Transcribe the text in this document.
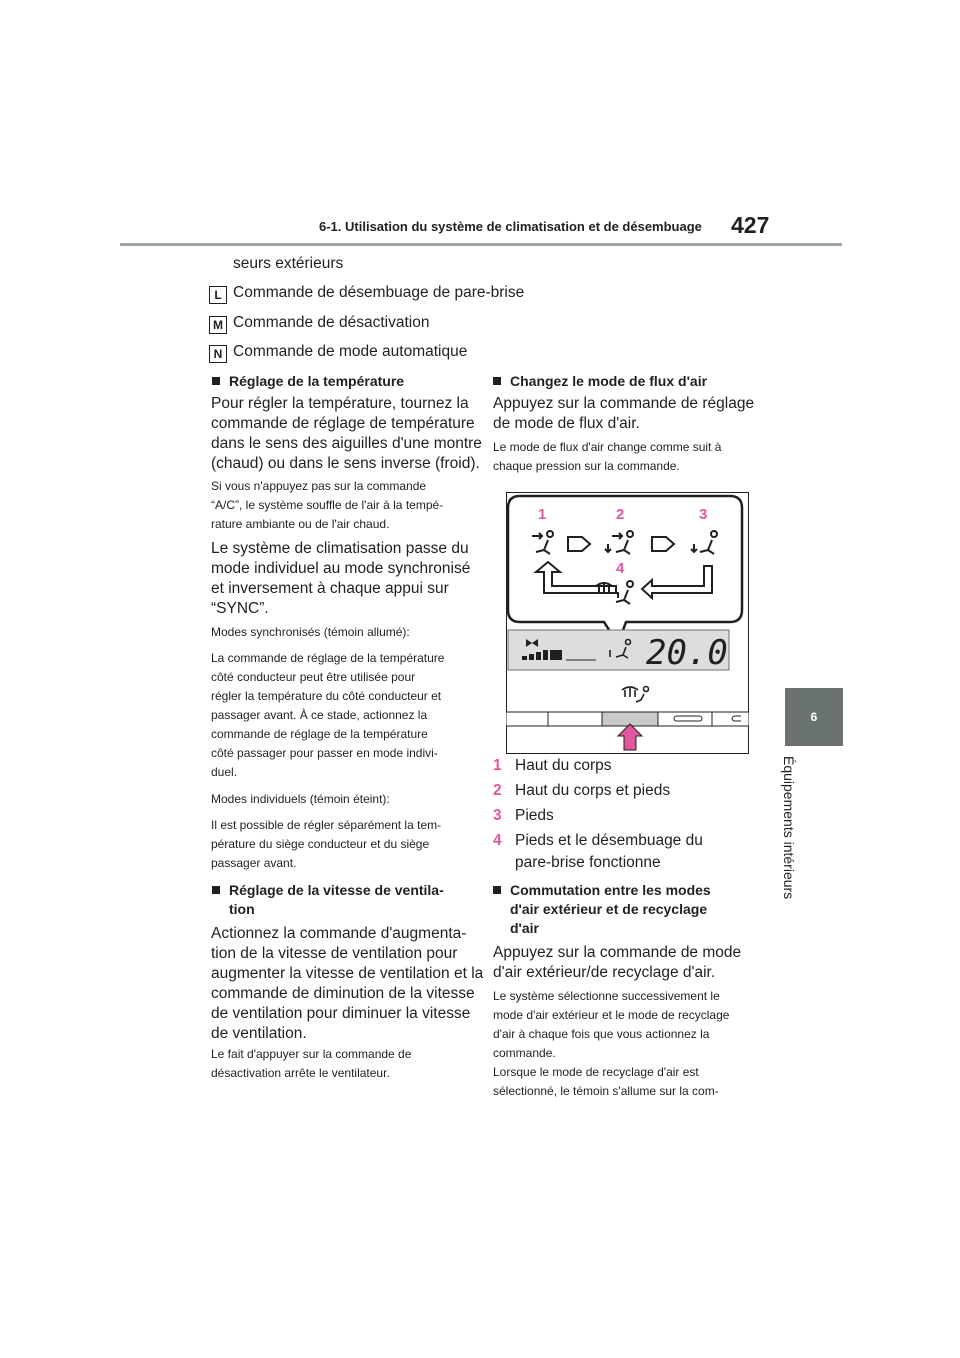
6-1. Utilisation du système de climatisation et de désembuage 427
6
Équipements intérieurs
seurs extérieurs
L Commande de désembuage de pare-brise
M Commande de désactivation
N Commande de mode automatique
Réglage de la température
Pour régler la température, tournez la
commande de réglage de température
dans le sens des aiguilles d'une montre
(chaud) ou dans le sens inverse (froid).
Si vous n'appuyez pas sur la commande
“A/C”, le système souffle de l'air à la tempé-
rature ambiante ou de l'air chaud.
Le système de climatisation passe du
mode individuel au mode synchronisé
et inversement à chaque appui sur
“SYNC”.
Modes synchronisés (témoin allumé):
La commande de réglage de la température
côté conducteur peut être utilisée pour
régler la température du côté conducteur et
passager avant. À ce stade, actionnez la
commande de réglage de la température
côté passager pour passer en mode indivi-
duel.
Modes individuels (témoin éteint):
Il est possible de régler séparément la tem-
pérature du siège conducteur et du siège
passager avant.
Réglage de la vitesse de ventila-
tion
Actionnez la commande d'augmenta-
tion de la vitesse de ventilation pour
augmenter la vitesse de ventilation et la
commande de diminution de la vitesse
de ventilation pour diminuer la vitesse
de ventilation.
Le fait d'appuyer sur la commande de
désactivation arrête le ventilateur.
Changez le mode de flux d'air
Appuyez sur la commande de réglage
de mode de flux d'air.
Le mode de flux d'air change comme suit à
chaque pression sur la commande.
1	2	3
4
20.0
1 Haut du corps
2 Haut du corps et pieds
3 Pieds
4 Pieds et le désembuage du
pare-brise fonctionne
Commutation entre les modes
d'air extérieur et de recyclage
d'air
Appuyez sur la commande de mode
d'air extérieur/de recyclage d'air.
Le système sélectionne successivement le
mode d'air extérieur et le mode de recyclage
d'air à chaque fois que vous actionnez la
commande.
Lorsque le mode de recyclage d'air est
sélectionné, le témoin s'allume sur la com-
